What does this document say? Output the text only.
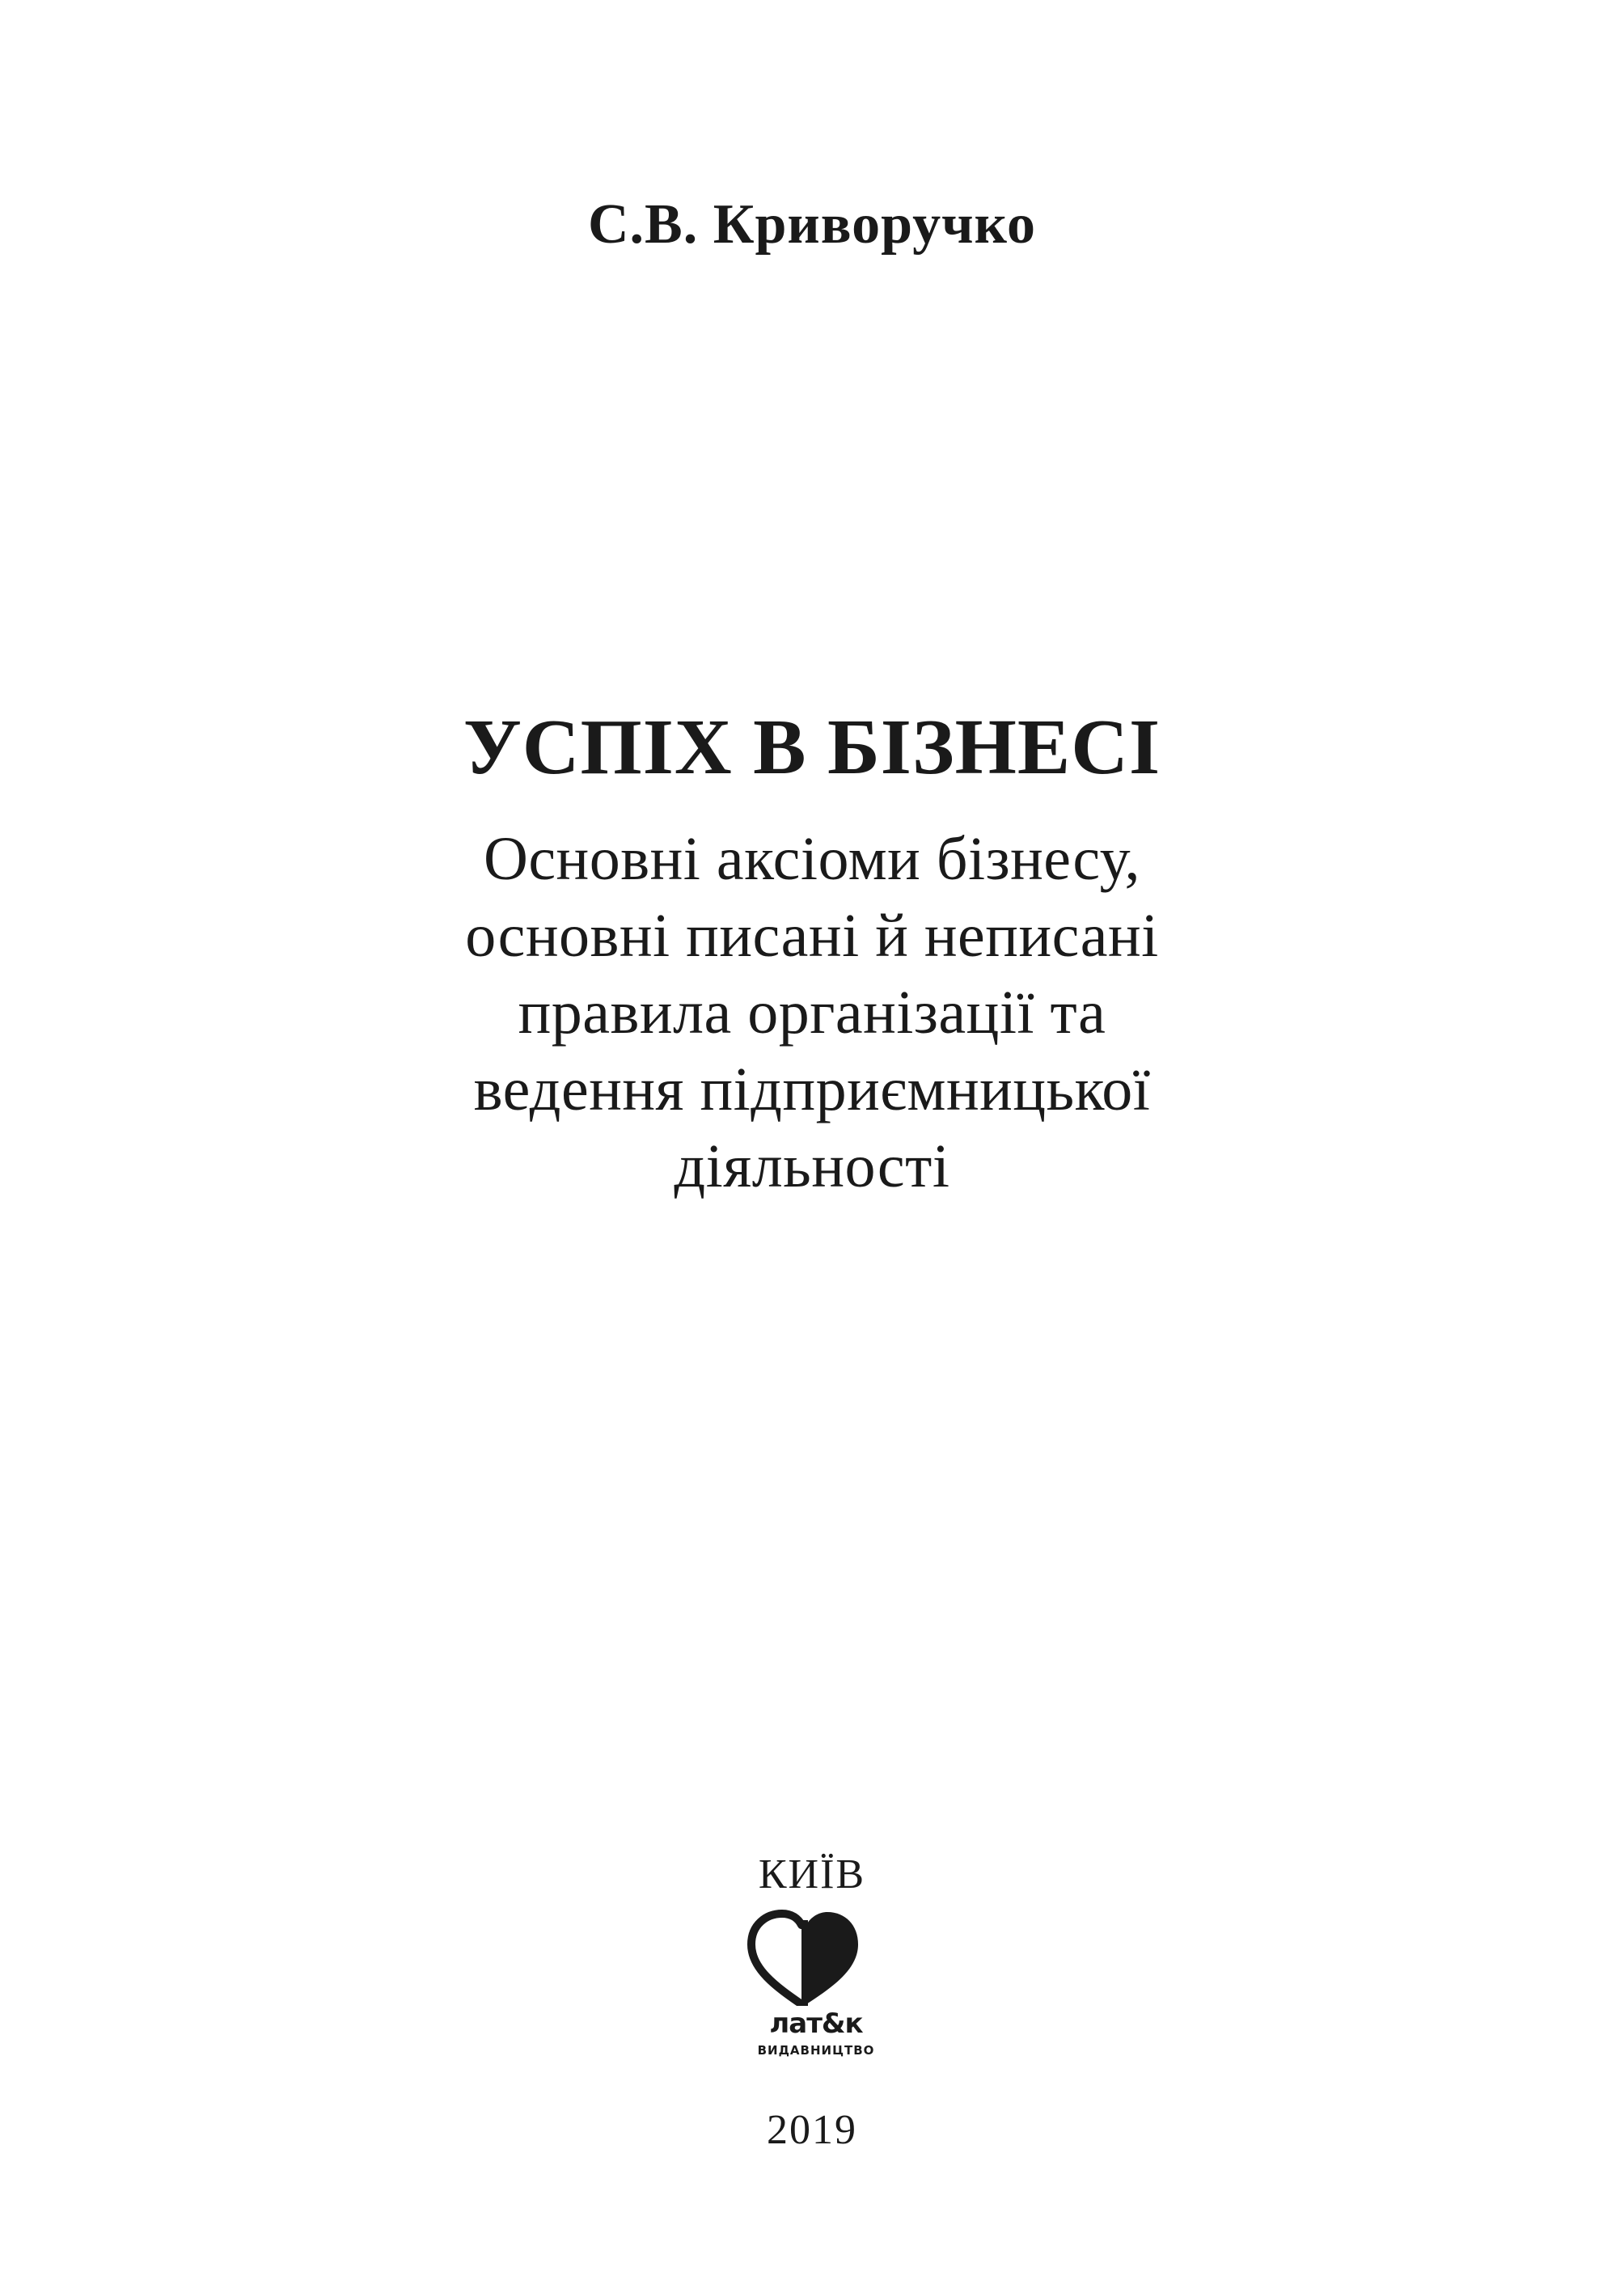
С.В. Криворучко
УСПІХ В БІЗНЕСІ
Основні аксіоми бізнесу,
основні писані й неписані
правила організації та
ведення підприємницької
діяльності
КИЇВ
лат&к
ВИДАВНИЦТВО
2019
